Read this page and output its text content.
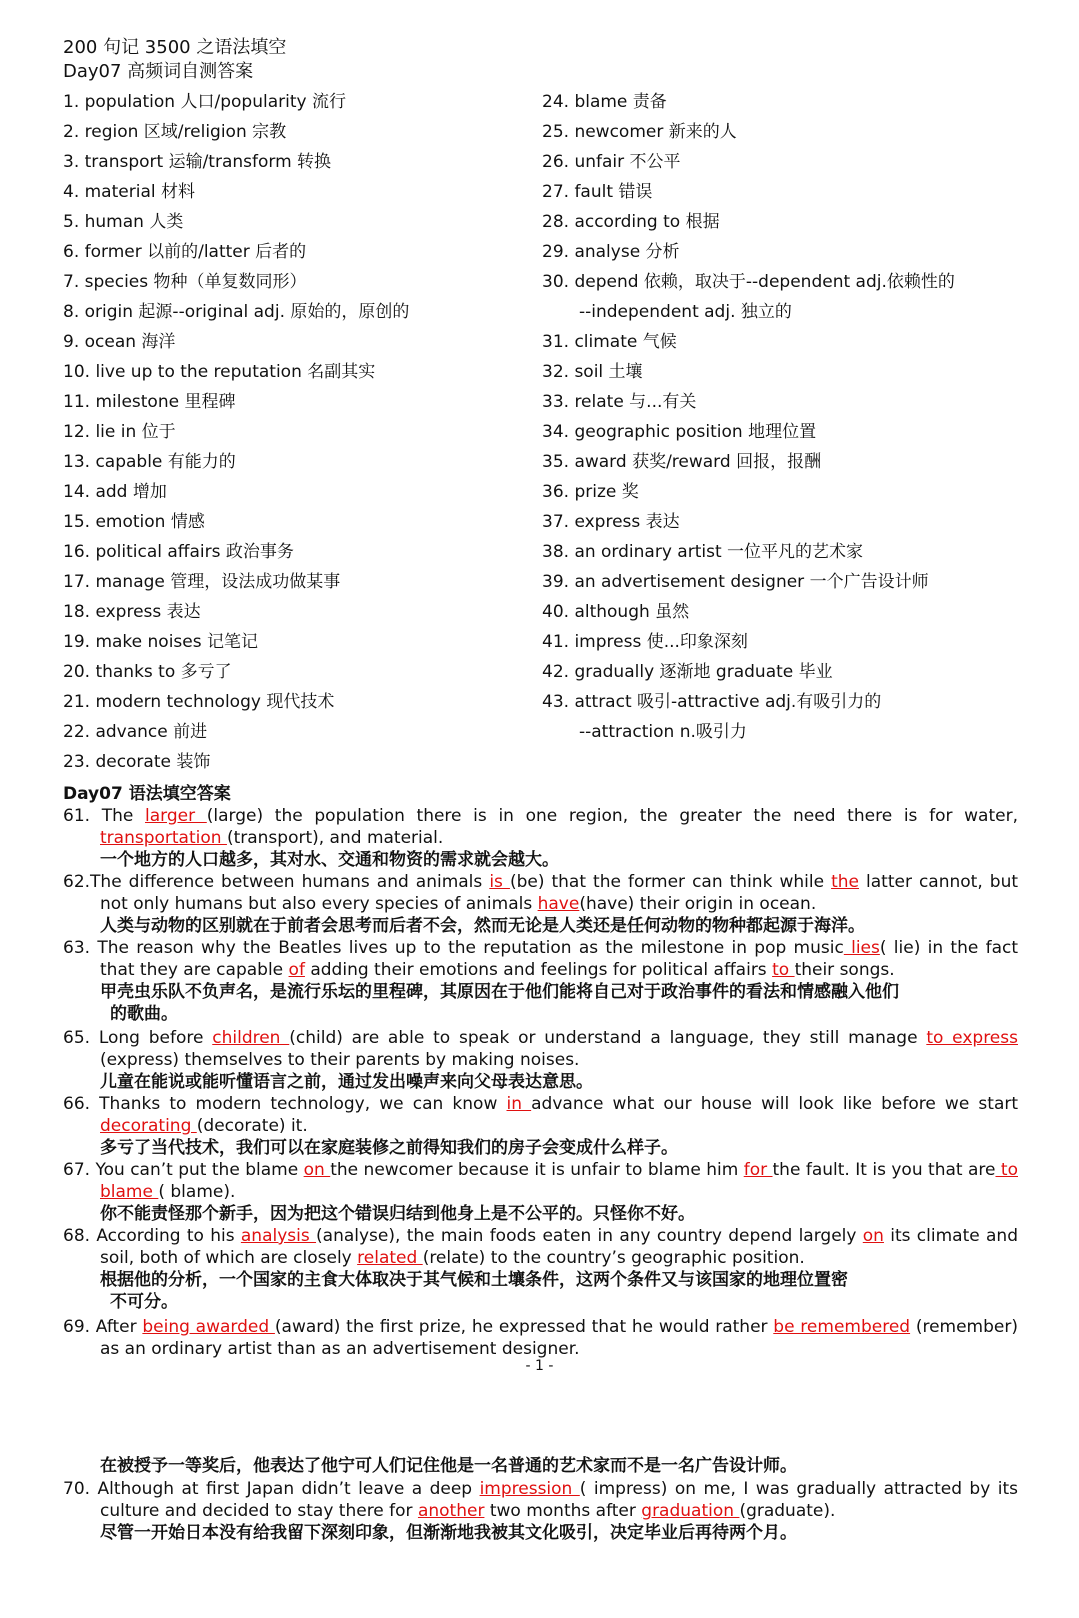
200 句记 3500 之语法填空
Day07 高频词自测答案
1. population 人口/popularity 流行
2. region 区域/religion 宗教
3. transport 运输/transform 转换
4. material 材料
5. human 人类
6. former 以前的/latter 后者的
7. species 物种（单复数同形）
8. origin 起源--original adj. 原始的，原创的
9. ocean 海洋
10. live up to the reputation 名副其实
11. milestone 里程碑
12. lie in 位于
13. capable 有能力的
14. add 增加
15. emotion 情感
16. political affairs 政治事务
17. manage 管理，设法成功做某事
18. express 表达
19. make noises 记笔记
20. thanks to 多亏了
21. modern technology 现代技术
22. advance 前进
23. decorate 装饰
24. blame 责备
25. newcomer 新来的人
26. unfair 不公平
27. fault 错误
28. according to 根据
29. analyse 分析
30. depend 依赖，取决于--dependent adj.依赖性的
--independent adj. 独立的
31. climate 气候
32. soil 土壤
33. relate 与...有关
34. geographic position 地理位置
35. award 获奖/reward 回报，报酬
36. prize 奖
37. express 表达
38. an ordinary artist 一位平凡的艺术家
39. an advertisement designer 一个广告设计师
40. although 虽然
41. impress 使...印象深刻
42. gradually 逐渐地 graduate 毕业
43. attract 吸引-attractive adj.有吸引力的
--attraction n.吸引力
Day07 语法填空答案
61. The larger (large) the population there is in one region, the greater the need there is for water, transportation (transport), and material.
一个地方的人口越多，其对水、交通和物资的需求就会越大。
62.The difference between humans and animals is (be) that the former can think while the latter cannot, but not only humans but also every species of animals have(have) their origin in ocean.
人类与动物的区别就在于前者会思考而后者不会，然而无论是人类还是任何动物的物种都起源于海洋。
63. The reason why the Beatles lives up to the reputation as the milestone in pop music lies( lie) in the fact that they are capable of adding their emotions and feelings for political affairs to their songs.
甲壳虫乐队不负声名，是流行乐坛的里程碑，其原因在于他们能将自己对于政治事件的看法和情感融入他们
的歌曲。
65. Long before children (child) are able to speak or understand a language, they still manage to express (express) themselves to their parents by making noises.
儿童在能说或能听懂语言之前，通过发出噪声来向父母表达意思。
66. Thanks to modern technology, we can know in advance what our house will look like before we start decorating (decorate) it.
多亏了当代技术，我们可以在家庭装修之前得知我们的房子会变成什么样子。
67. You can’t put the blame on the newcomer because it is unfair to blame him for the fault. It is you that are to blame ( blame).
你不能责怪那个新手，因为把这个错误归结到他身上是不公平的。只怪你不好。
68. According to his analysis (analyse), the main foods eaten in any country depend largely on its climate and soil, both of which are closely related (relate) to the country’s geographic position.
根据他的分析，一个国家的主食大体取决于其气候和土壤条件，这两个条件又与该国家的地理位置密
不可分。
69. After being awarded (award) the first prize, he expressed that he would rather be remembered (remember) as an ordinary artist than as an advertisement designer.
- 1 -
在被授予一等奖后，他表达了他宁可人们记住他是一名普通的艺术家而不是一名广告设计师。
70. Although at first Japan didn’t leave a deep impression ( impress) on me, I was gradually attracted by its culture and decided to stay there for another two months after graduation (graduate).
尽管一开始日本没有给我留下深刻印象，但渐渐地我被其文化吸引，决定毕业后再待两个月。
